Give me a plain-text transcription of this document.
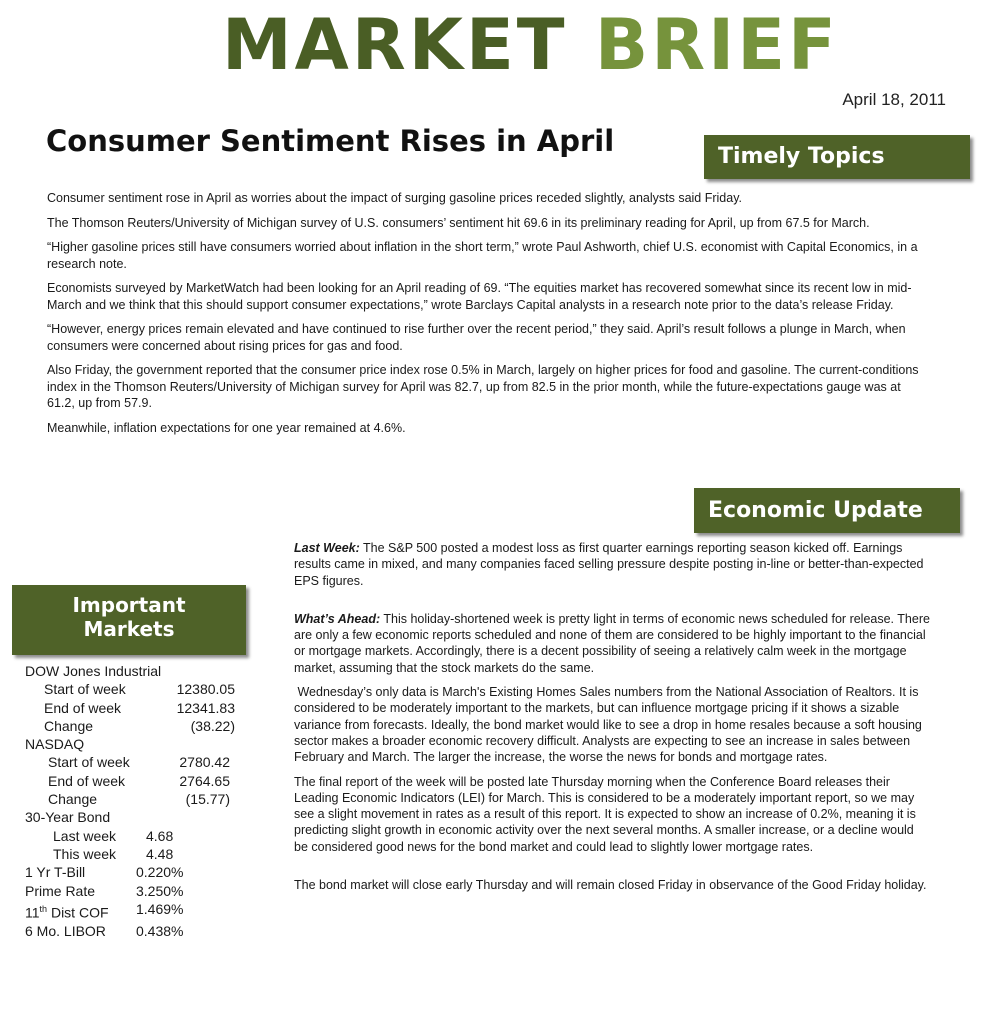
MARKET BRIEF
April 18, 2011
Consumer Sentiment Rises in April	Timely Topics

Consumer sentiment rose in April as worries about the impact of surging gasoline prices receded slightly, analysts said Friday.

The Thomson Reuters/University of Michigan survey of U.S. consumers’ sentiment hit 69.6 in its preliminary reading for April, up from 67.5 for March.

“Higher gasoline prices still have consumers worried about inflation in the short term,” wrote Paul Ashworth, chief U.S. economist with Capital Economics, in a research note.

Economists surveyed by MarketWatch had been looking for an April reading of 69. “The equities market has recovered somewhat since its recent low in mid-March and we think that this should support consumer expectations,” wrote Barclays Capital analysts in a research note prior to the data’s release Friday.

“However, energy prices remain elevated and have continued to rise further over the recent period,” they said. April’s result follows a plunge in March, when consumers were concerned about rising prices for gas and food.

Also Friday, the government reported that the consumer price index rose 0.5% in March, largely on higher prices for food and gasoline. The current-conditions index in the Thomson Reuters/University of Michigan survey for April was 82.7, up from 82.5 in the prior month, while the future-expectations gauge was at 61.2, up from 57.9.

Meanwhile, inflation expectations for one year remained at 4.6%.

Economic Update
Important
Markets

Last Week: The S&P 500 posted a modest loss as first quarter earnings reporting season kicked off. Earnings results came in mixed, and many companies faced selling pressure despite posting in-line or better-than-expected EPS figures.

What’s Ahead: This holiday-shortened week is pretty light in terms of economic news scheduled for release. There are only a few economic reports scheduled and none of them are considered to be highly important to the financial or mortgage markets. Accordingly, there is a decent possibility of seeing a relatively calm week in the mortgage market, assuming that the stock markets do the same.

Wednesday’s only data is March's Existing Homes Sales numbers from the National Association of Realtors. It is considered to be moderately important to the markets, but can influence mortgage pricing if it shows a sizable variance from forecasts. Ideally, the bond market would like to see a drop in home resales because a soft housing sector makes a broader economic recovery difficult. Analysts are expecting to see an increase in sales between February and March. The larger the increase, the worse the news for bonds and mortgage rates.

The final report of the week will be posted late Thursday morning when the Conference Board releases their Leading Economic Indicators (LEI) for March. This is considered to be a moderately important report, so we may see a slight movement in rates as a result of this report. It is expected to show an increase of 0.2%, meaning it is predicting slight growth in economic activity over the next several months. A smaller increase, or a decline would be considered good news for the bond market and could lead to slightly lower mortgage rates.

The bond market will close early Thursday and will remain closed Friday in observance of the Good Friday holiday.

DOW Jones Industrial
Start of week	12380.05
End of week	12341.83
Change	(38.22)
NASDAQ
Start of week	2780.42
End of week	2764.65
Change	(15.77)
30-Year Bond
Last week	4.68
This week	4.48
1 Yr T-Bill	0.220%
Prime Rate	3.250%
11th Dist COF	1.469%
6 Mo. LIBOR	0.438%
